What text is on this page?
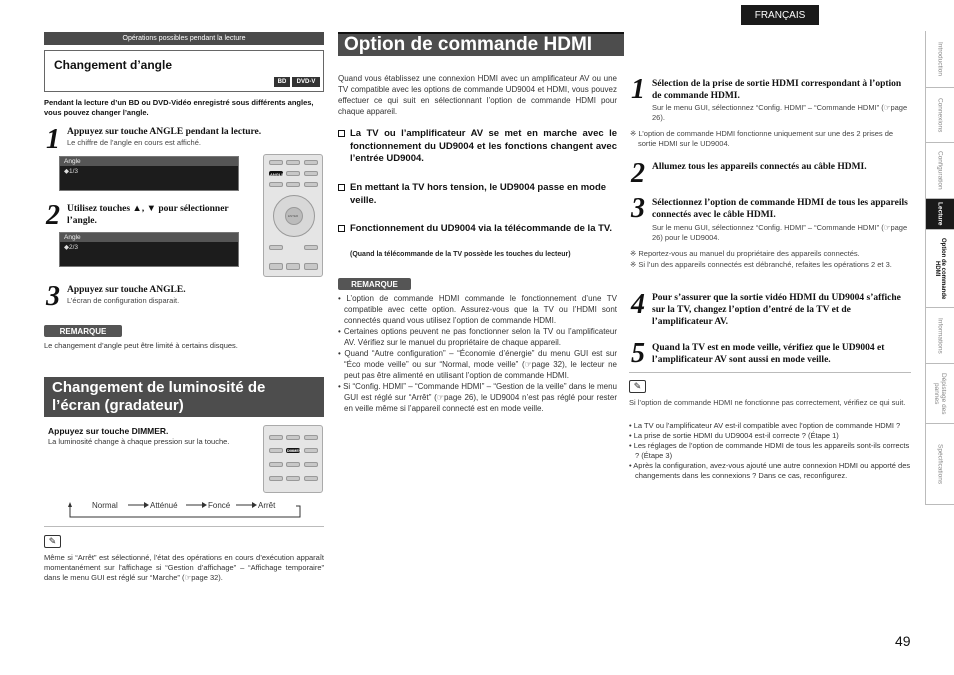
FRANÇAIS
Opérations possibles pendant la lecture
Changement d’angle
BD	DVD-V
Pendant la lecture d’un BD ou DVD-Vidéo enregistré sous différents angles, vous pouvez changer l’angle.
1 Appuyez sur touche ANGLE pendant la lecture.
Le chiffre de l’angle en cours est affiché.
Angle
◆1/3
2 Utilisez touches ▲, ▼ pour sélectionner l’angle.
Angle
◆2/3
ANGLE
ENTER
3 Appuyez sur touche ANGLE.
L’écran de configuration disparait.
REMARQUE
Le changement d’angle peut être limité à certains disques.
Changement de luminosité de l’écran (gradateur)
Appuyez sur touche DIMMER.
La luminosité change à chaque pression sur la touche.
DIMMER
Normal	Atténué	Foncé	Arrêt
✎
Même si “Arrêt” est sélectionné, l’état des opérations en cours d’exécution apparaît momentanément sur l’affichage si “Gestion d’affichage” – “Affichage temporaire” dans le menu GUI est réglé sur “Marche” (☞page 32).
Option de commande HDMI
Quand vous établissez une connexion HDMI avec un amplificateur AV ou une TV compatible avec les options de commande UD9004 et HDMI, vous pouvez effectuer ce qui suit en sélectionnant l’option de commande HDMI pour chaque appareil.
La TV ou l’amplificateur AV se met en marche avec le fonctionnement du UD9004 et les fonctions changent avec l’entrée UD9004.
En mettant la TV hors tension, le UD9004 passe en mode veille.
Fonctionnement du UD9004 via la télécommande de la TV.
(Quand la télécommande de la TV possède les touches du lecteur)
REMARQUE
• L’option de commande HDMI commande le fonctionnement d’une TV compatible avec cette option. Assurez-vous que la TV ou l’HDMI sont connectés quand vous utilisez l’option de commande HDMI.
• Certaines options peuvent ne pas fonctionner selon la TV ou l’amplificateur AV. Vérifiez sur le manuel du propriétaire de chaque appareil.
• Quand “Autre configuration” – “Économie d’énergie” du menu GUI est sur “Éco mode veille” ou sur “Normal, mode veille” (☞page 32), le lecteur ne peut pas être alimenté en utilisant l’option de commande HDMI.
• Si “Config. HDMI” – “Commande HDMI” – “Gestion de la veille” dans le menu GUI est réglé sur “Arrêt” (☞page 26), le UD9004 n’est pas réglé pour rester en veille même si l’appareil connecté est en mode veille.
1 Sélection de la prise de sortie HDMI correspondant à l’option de commande HDMI.
Sur le menu GUI, sélectionnez “Config. HDMI” – “Commande HDMI” (☞page 26).
※ L’option de commande HDMI fonctionne uniquement sur une des 2 prises de sortie HDMI sur le UD9004.
2 Allumez tous les appareils connectés au câble HDMI.
3 Sélectionnez l’option de commande HDMI de tous les appareils connectés avec le câble HDMI.
Sur le menu GUI, sélectionnez “Config. HDMI” – “Commande HDMI” (☞page 26) pour le UD9004.
※ Reportez-vous au manuel du propriétaire des appareils connectés.
※ Si l’un des appareils connectés est débranché, refaites les opérations 2 et 3.
4 Pour s’assurer que la sortie vidéo HDMI du UD9004 s’affiche sur la TV, changez l’option d’entré de la TV et de l’amplificateur AV.
5 Quand la TV est en mode veille, vérifiez que le UD9004 et l’amplificateur AV sont aussi en mode veille.
✎
Si l’option de commande HDMI ne fonctionne pas correctement, vérifiez ce qui suit.
• La TV ou l’amplificateur AV est-il compatible avec l’option de commande HDMI ?
• La prise de sortie HDMI du UD9004 est-il correcte ? (Étape 1)
• Les réglages de l’option de commande HDMI de tous les appareils sont-ils corrects ? (Étape 3)
• Après la configuration, avez-vous ajouté une autre connexion HDMI ou apporté des changements dans les connexions ? Dans ce cas, reconfigurez.
Introduction
Connexions
Configuration
Lecture
Option de commande HDMI
Informations
Dépistage des pannes
Spécifications
49
